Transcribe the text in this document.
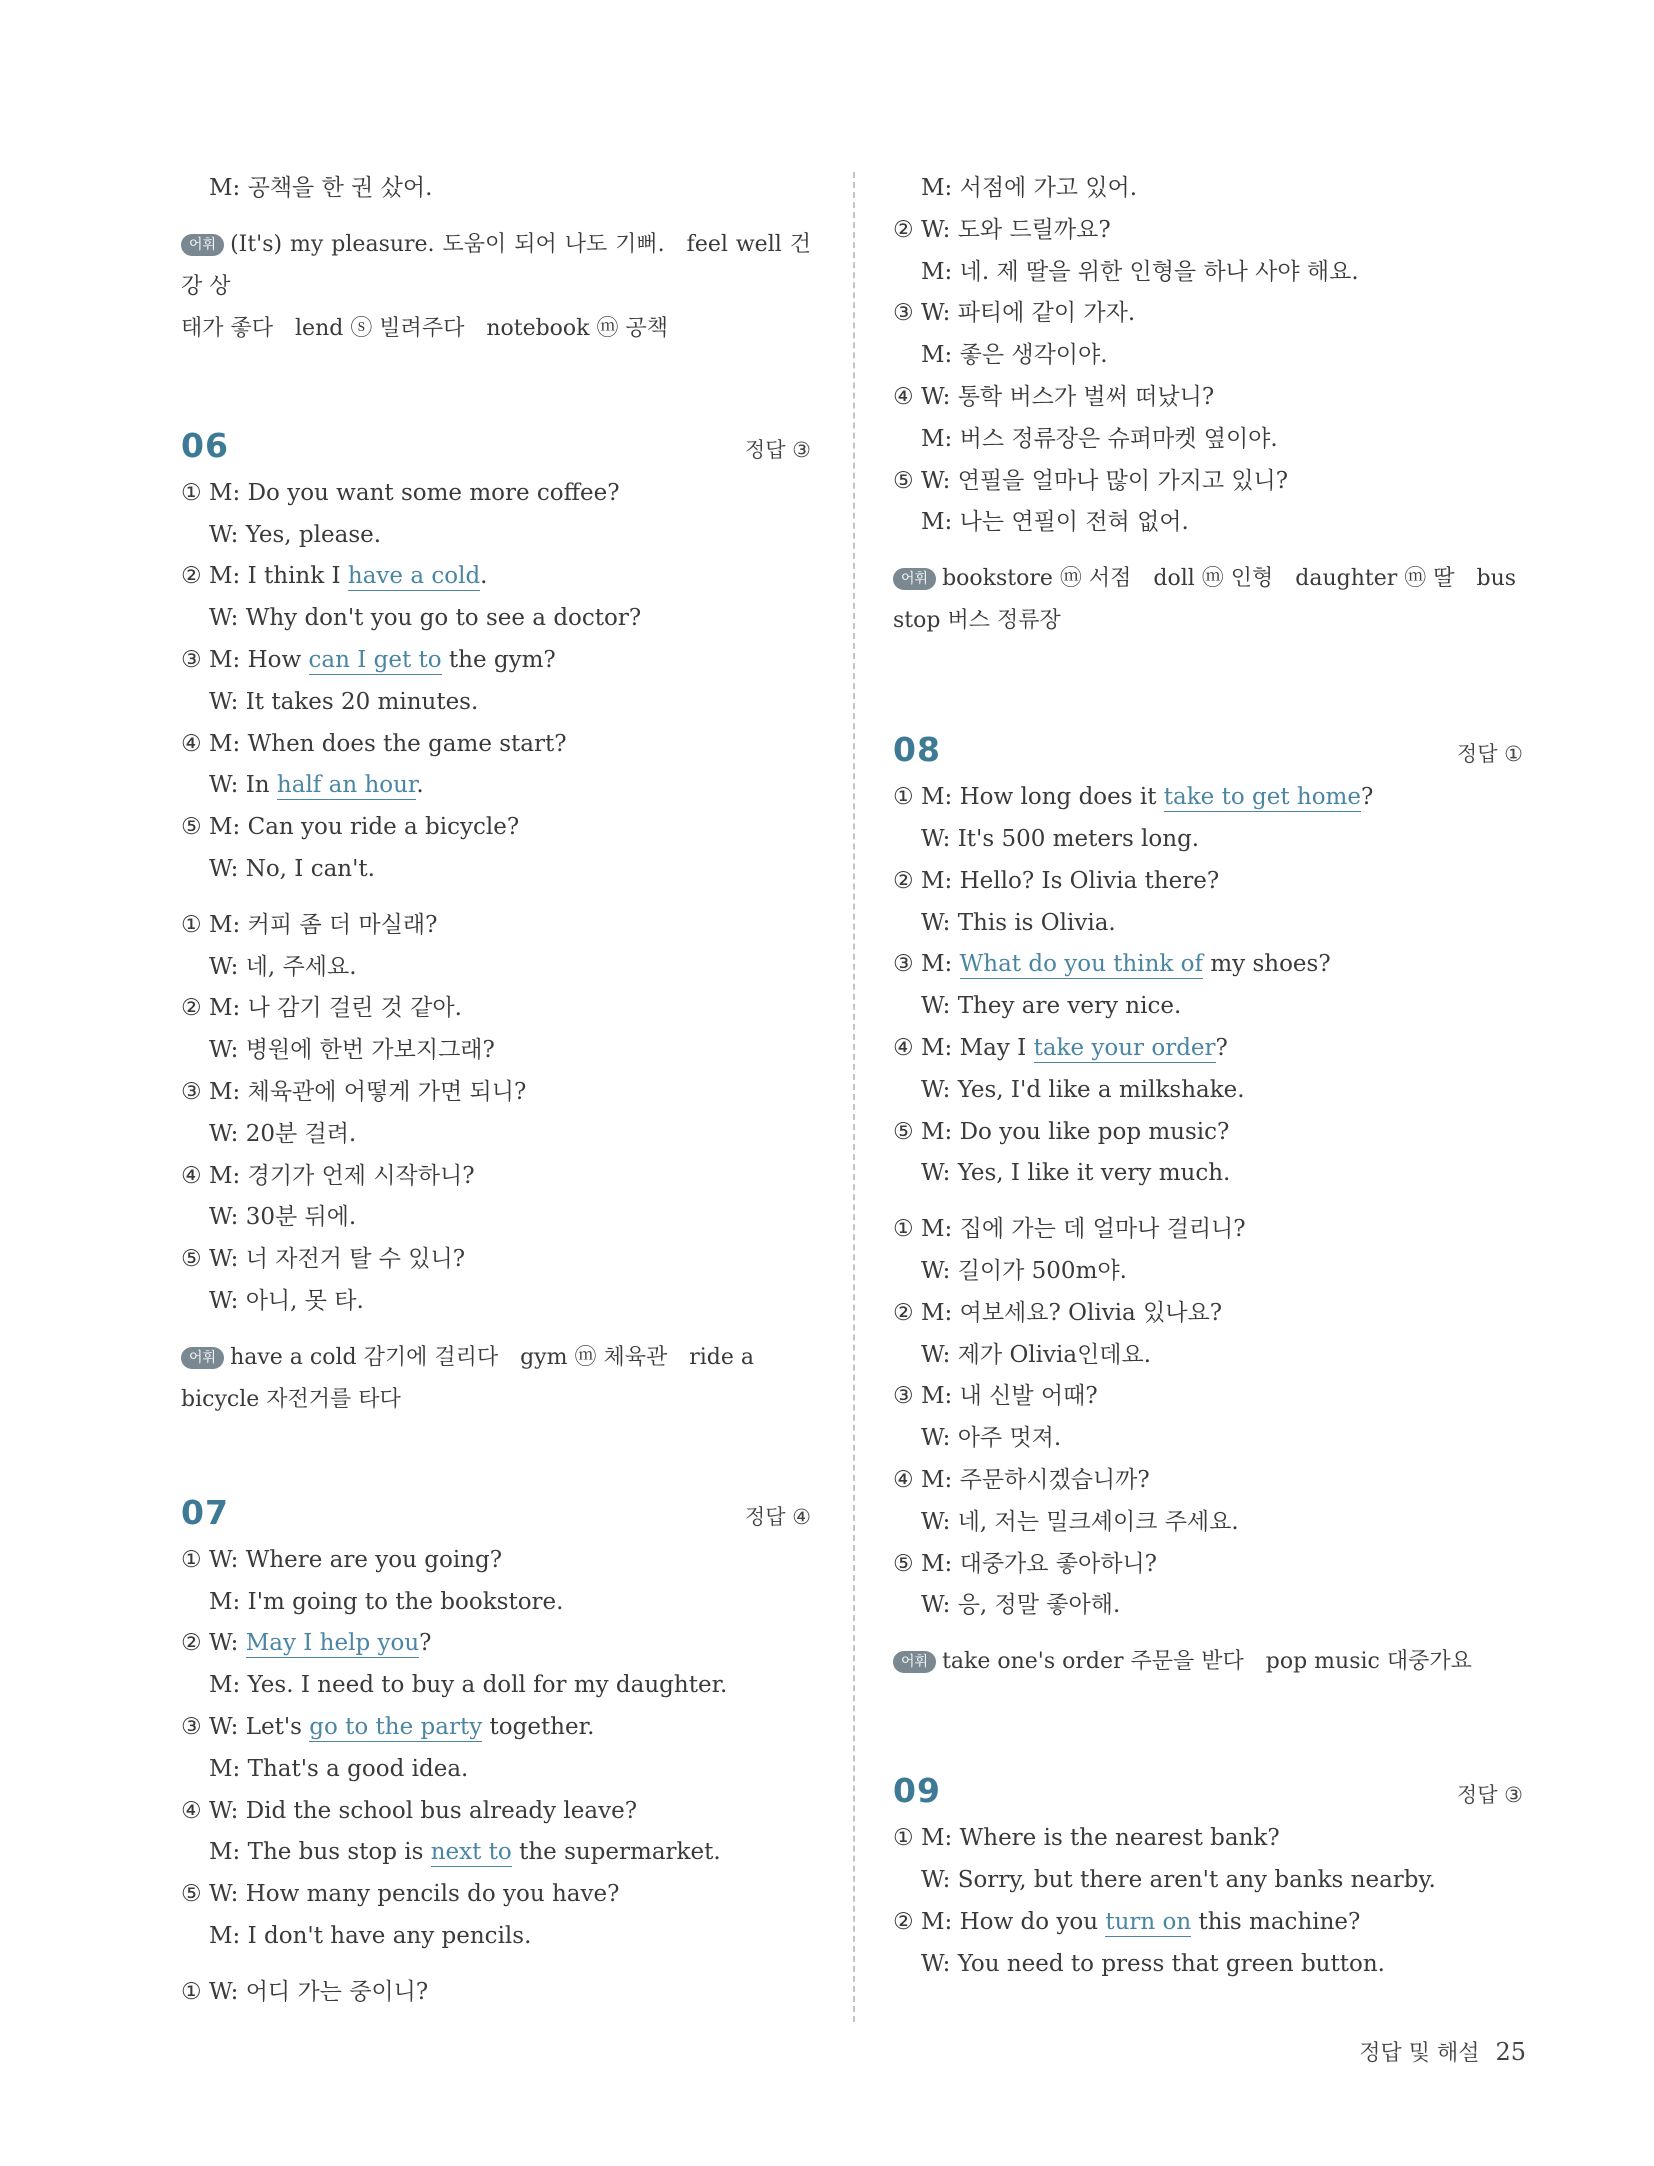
M: 공책을 한 권 샀어.
어휘 (It's) my pleasure. 도움이 되어 나도 기뻐. feel well 건강 상
태가 좋다 lend ⓢ 빌려주다 notebook ⓜ 공책
06	정답 ③
① M: Do you want some more coffee?
W: Yes, please.
② M: I think I have a cold.
W: Why don't you go to see a doctor?
③ M: How can I get to the gym?
W: It takes 20 minutes.
④ M: When does the game start?
W: In half an hour.
⑤ M: Can you ride a bicycle?
W: No, I can't.
① M: 커피 좀 더 마실래?
W: 네, 주세요.
② M: 나 감기 걸린 것 같아.
W: 병원에 한번 가보지그래?
③ M: 체육관에 어떻게 가면 되니?
W: 20분 걸려.
④ M: 경기가 언제 시작하니?
W: 30분 뒤에.
⑤ W: 너 자전거 탈 수 있니?
W: 아니, 못 타.
어휘 have a cold 감기에 걸리다 gym ⓜ 체육관 ride a
bicycle 자전거를 타다
07	정답 ④
① W: Where are you going?
M: I'm going to the bookstore.
② W: May I help you?
M: Yes. I need to buy a doll for my daughter.
③ W: Let's go to the party together.
M: That's a good idea.
④ W: Did the school bus already leave?
M: The bus stop is next to the supermarket.
⑤ W: How many pencils do you have?
M: I don't have any pencils.
① W: 어디 가는 중이니?
M: 서점에 가고 있어.
② W: 도와 드릴까요?
M: 네. 제 딸을 위한 인형을 하나 사야 해요.
③ W: 파티에 같이 가자.
M: 좋은 생각이야.
④ W: 통학 버스가 벌써 떠났니?
M: 버스 정류장은 슈퍼마켓 옆이야.
⑤ W: 연필을 얼마나 많이 가지고 있니?
M: 나는 연필이 전혀 없어.
어휘 bookstore ⓜ 서점 doll ⓜ 인형 daughter ⓜ 딸 bus
stop 버스 정류장
08	정답 ①
① M: How long does it take to get home?
W: It's 500 meters long.
② M: Hello? Is Olivia there?
W: This is Olivia.
③ M: What do you think of my shoes?
W: They are very nice.
④ M: May I take your order?
W: Yes, I'd like a milkshake.
⑤ M: Do you like pop music?
W: Yes, I like it very much.
① M: 집에 가는 데 얼마나 걸리니?
W: 길이가 500m야.
② M: 여보세요? Olivia 있나요?
W: 제가 Olivia인데요.
③ M: 내 신발 어때?
W: 아주 멋져.
④ M: 주문하시겠습니까?
W: 네, 저는 밀크셰이크 주세요.
⑤ M: 대중가요 좋아하니?
W: 응, 정말 좋아해.
어휘 take one's order 주문을 받다 pop music 대중가요
09	정답 ③
① M: Where is the nearest bank?
W: Sorry, but there aren't any banks nearby.
② M: How do you turn on this machine?
W: You need to press that green button.
정답 및 해설 25
